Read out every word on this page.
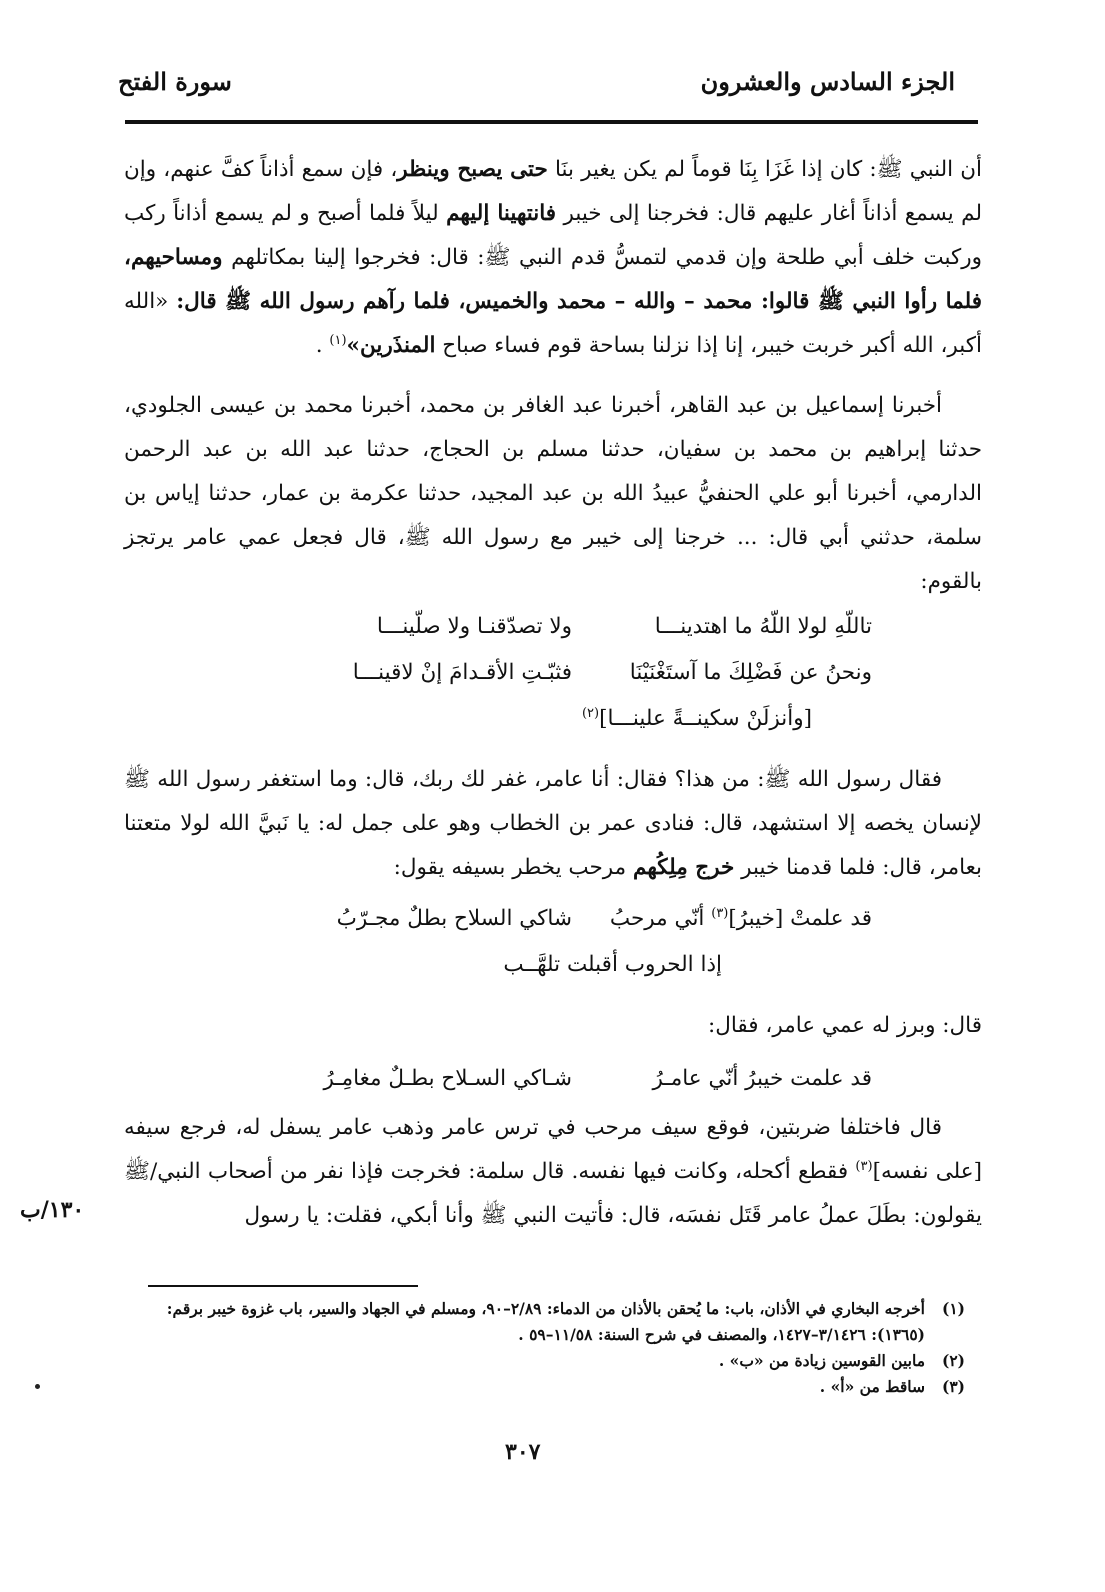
الجزء السادس والعشرون
سورة الفتح

أن النبي ﷺ: كان إذا غَزَا بِنَا قوماً لم يكن يغير بنَا حتى يصبح وينظر، فإن سمع أذاناً كفَّ عنهم، وإن لم يسمع أذاناً أغار عليهم قال: فخرجنا إلى خيبر فانتهينا إليهم ليلاً فلما أصبح و لم يسمع أذاناً ركب وركبت خلف أبي طلحة وإن قدمي لتمسُّ قدم النبي ﷺ: قال: فخرجوا إلينا بمكاتلهم ومساحيهم، فلما رأوا النبي ﷺ قالوا: محمد – والله – محمد والخميس، فلما رآهم رسول الله ﷺ قال: «الله أكبر، الله أكبر خربت خيبر، إنا إذا نزلنا بساحة قوم فساء صباح المنذَرين»$^{(١)}$ .

أخبرنا إسماعيل بن عبد القاهر، أخبرنا عبد الغافر بن محمد، أخبرنا محمد بن عيسى الجلودي، حدثنا إبراهيم بن محمد بن سفيان، حدثنا مسلم بن الحجاج، حدثنا عبد الله بن عبد الرحمن الدارمي، أخبرنا أبو علي الحنفيُّ عبيدُ الله بن عبد المجيد، حدثنا عكرمة بن عمار، حدثنا إياس بن سلمة، حدثني أبي قال: ... خرجنا إلى خيبر مع رسول الله ﷺ، قال فجعل عمي عامر يرتجز بالقوم:

تاللّهِ لولا اللّهُ ما اهتدينـــا
ولا تصدّقنـا ولا صلّينـــا
ونحنُ عن فَضْلِكَ ما آستَغْنَيْنَا
فثبّـتِ الأقـدامَ إنْ لاقينـــا
[وأنزلَنْ سكينــةً علينـــا]$^{(٢)}$

فقال رسول الله ﷺ: من هذا؟ فقال: أنا عامر، غفر لك ربك، قال: وما استغفر رسول الله ﷺ لإنسان يخصه إلا استشهد، قال: فنادى عمر بن الخطاب وهو على جمل له: يا نَبيَّ الله لولا متعتنا بعامر، قال: فلما قدمنا خيبر خرج مِلِكُهم مرحب يخطر بسيفه يقول:

قد علمتْ [خيبرُ]$^{(٣)}$ أنّي مرحبُ
شاكي السلاح بطلٌ مجـرّبُ
إذا الحروب أقبلت تلهَّــب

قال: وبرز له عمي عامر، فقال:

قد علمت خيبرُ أنّي عامـرُ
شـاكي السـلاح بطـلٌ مغامِـرُ

قال فاختلفا ضربتين، فوقع سيف مرحب في ترس عامر وذهب عامر يسفل له، فرجع سيفه [على نفسه]$^{(٣)}$ فقطع أكحله، وكانت فيها نفسه. قال سلمة: فخرجت فإذا نفر من أصحاب النبي/ﷺ يقولون: بطَلَ عملُ عامر قَتَل نفسَه، قال: فأتيت النبي ﷺ وأنا أبكي، فقلت: يا رسول

١٣٠/ب
(١)
أخرجه البخاري في الأذان، باب: ما يُحقن بالأذان من الدماء: ٢/٨٩–٩٠، ومسلم في الجهاد والسير، باب غزوة خيبر برقم: (١٣٦٥): ٣/١٤٢٦–١٤٢٧، والمصنف في شرح السنة: ١١/٥٨–٥٩ .
(٢)
مابين القوسين زيادة من «ب» .
(٣)
ساقط من «أ» .
٣٠٧
